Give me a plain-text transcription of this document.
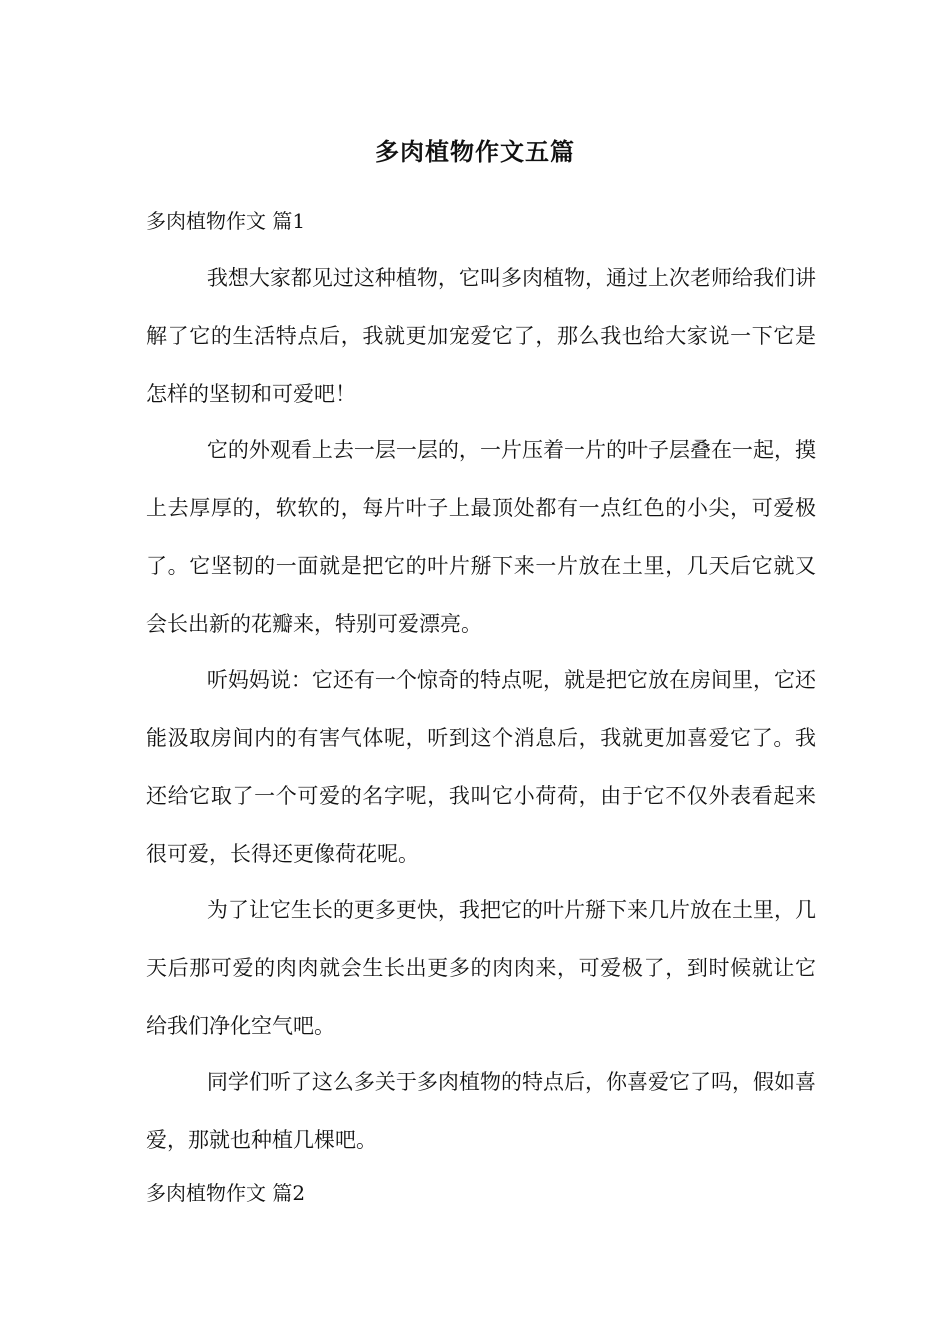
多肉植物作文五篇
多肉植物作文 篇1

我想大家都见过这种植物，它叫多肉植物，通过上次老师给我们讲解了它的生活特点后，我就更加宠爱它了，那么我也给大家说一下它是怎样的坚韧和可爱吧！

它的外观看上去一层一层的，一片压着一片的叶子层叠在一起，摸上去厚厚的，软软的，每片叶子上最顶处都有一点红色的小尖，可爱极了。它坚韧的一面就是把它的叶片掰下来一片放在土里，几天后它就又会长出新的花瓣来，特别可爱漂亮。

听妈妈说：它还有一个惊奇的特点呢，就是把它放在房间里，它还能汲取房间内的有害气体呢，听到这个消息后，我就更加喜爱它了。我还给它取了一个可爱的名字呢，我叫它小荷荷，由于它不仅外表看起来很可爱，长得还更像荷花呢。

为了让它生长的更多更快，我把它的叶片掰下来几片放在土里，几天后那可爱的肉肉就会生长出更多的肉肉来，可爱极了，到时候就让它给我们净化空气吧。

同学们听了这么多关于多肉植物的特点后，你喜爱它了吗，假如喜爱，那就也种植几棵吧。

多肉植物作文 篇2
